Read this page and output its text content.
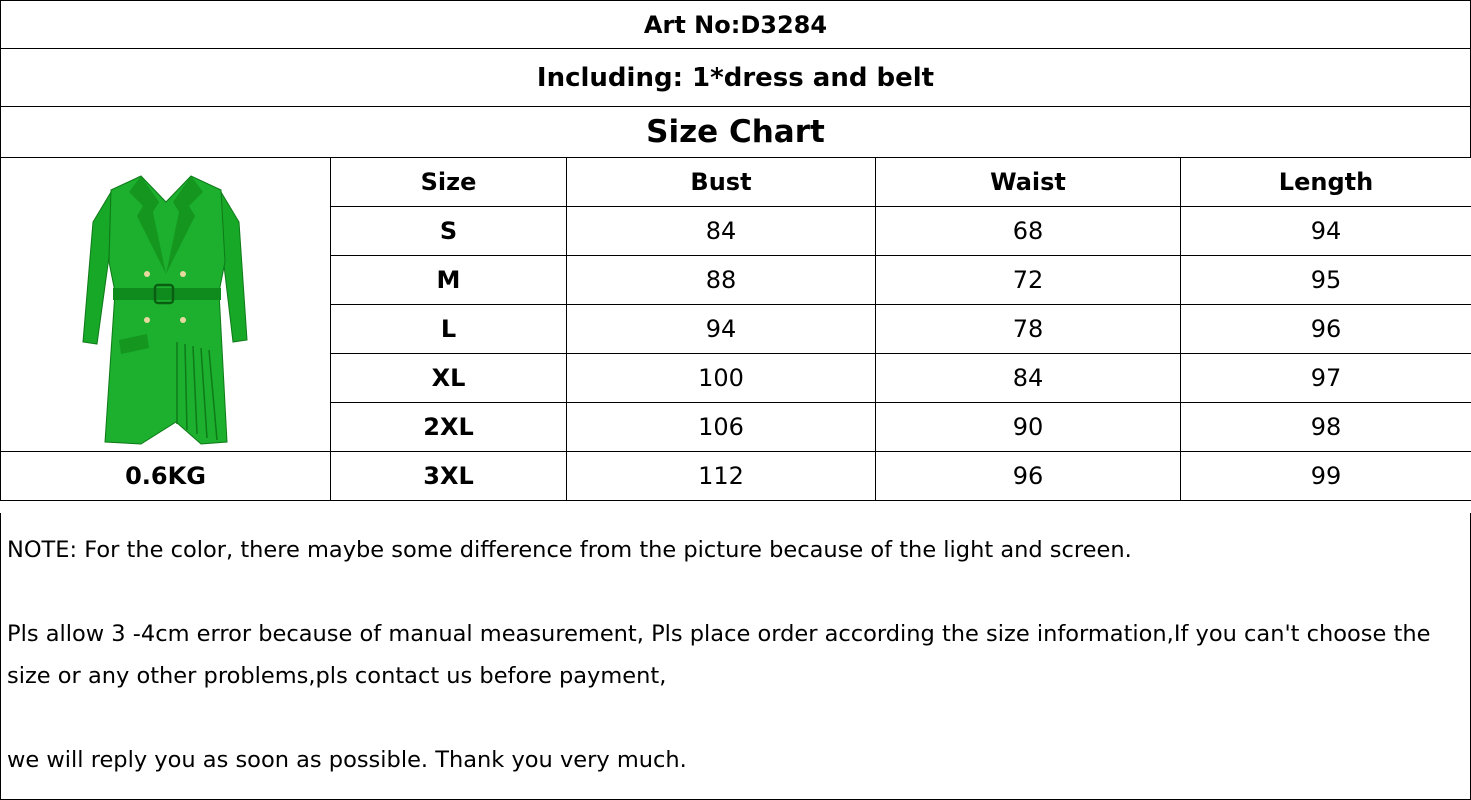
Art No:D3284
Including: 1*dress and belt
Size Chart
	Size	Bust	Waist	Length
	S	84	68	94
	M	88	72	95
	L	94	78	96
	XL	100	84	97
	2XL	106	90	98
0.6KG	3XL	112	96	99
NOTE: For the color, there maybe some difference from the picture because of the light and screen.
Pls allow 3 -4cm error because of manual measurement, Pls place order according the size information,If you can't choose the size or any other problems,pls contact us before payment,
we will reply you as soon as possible. Thank you very much.
